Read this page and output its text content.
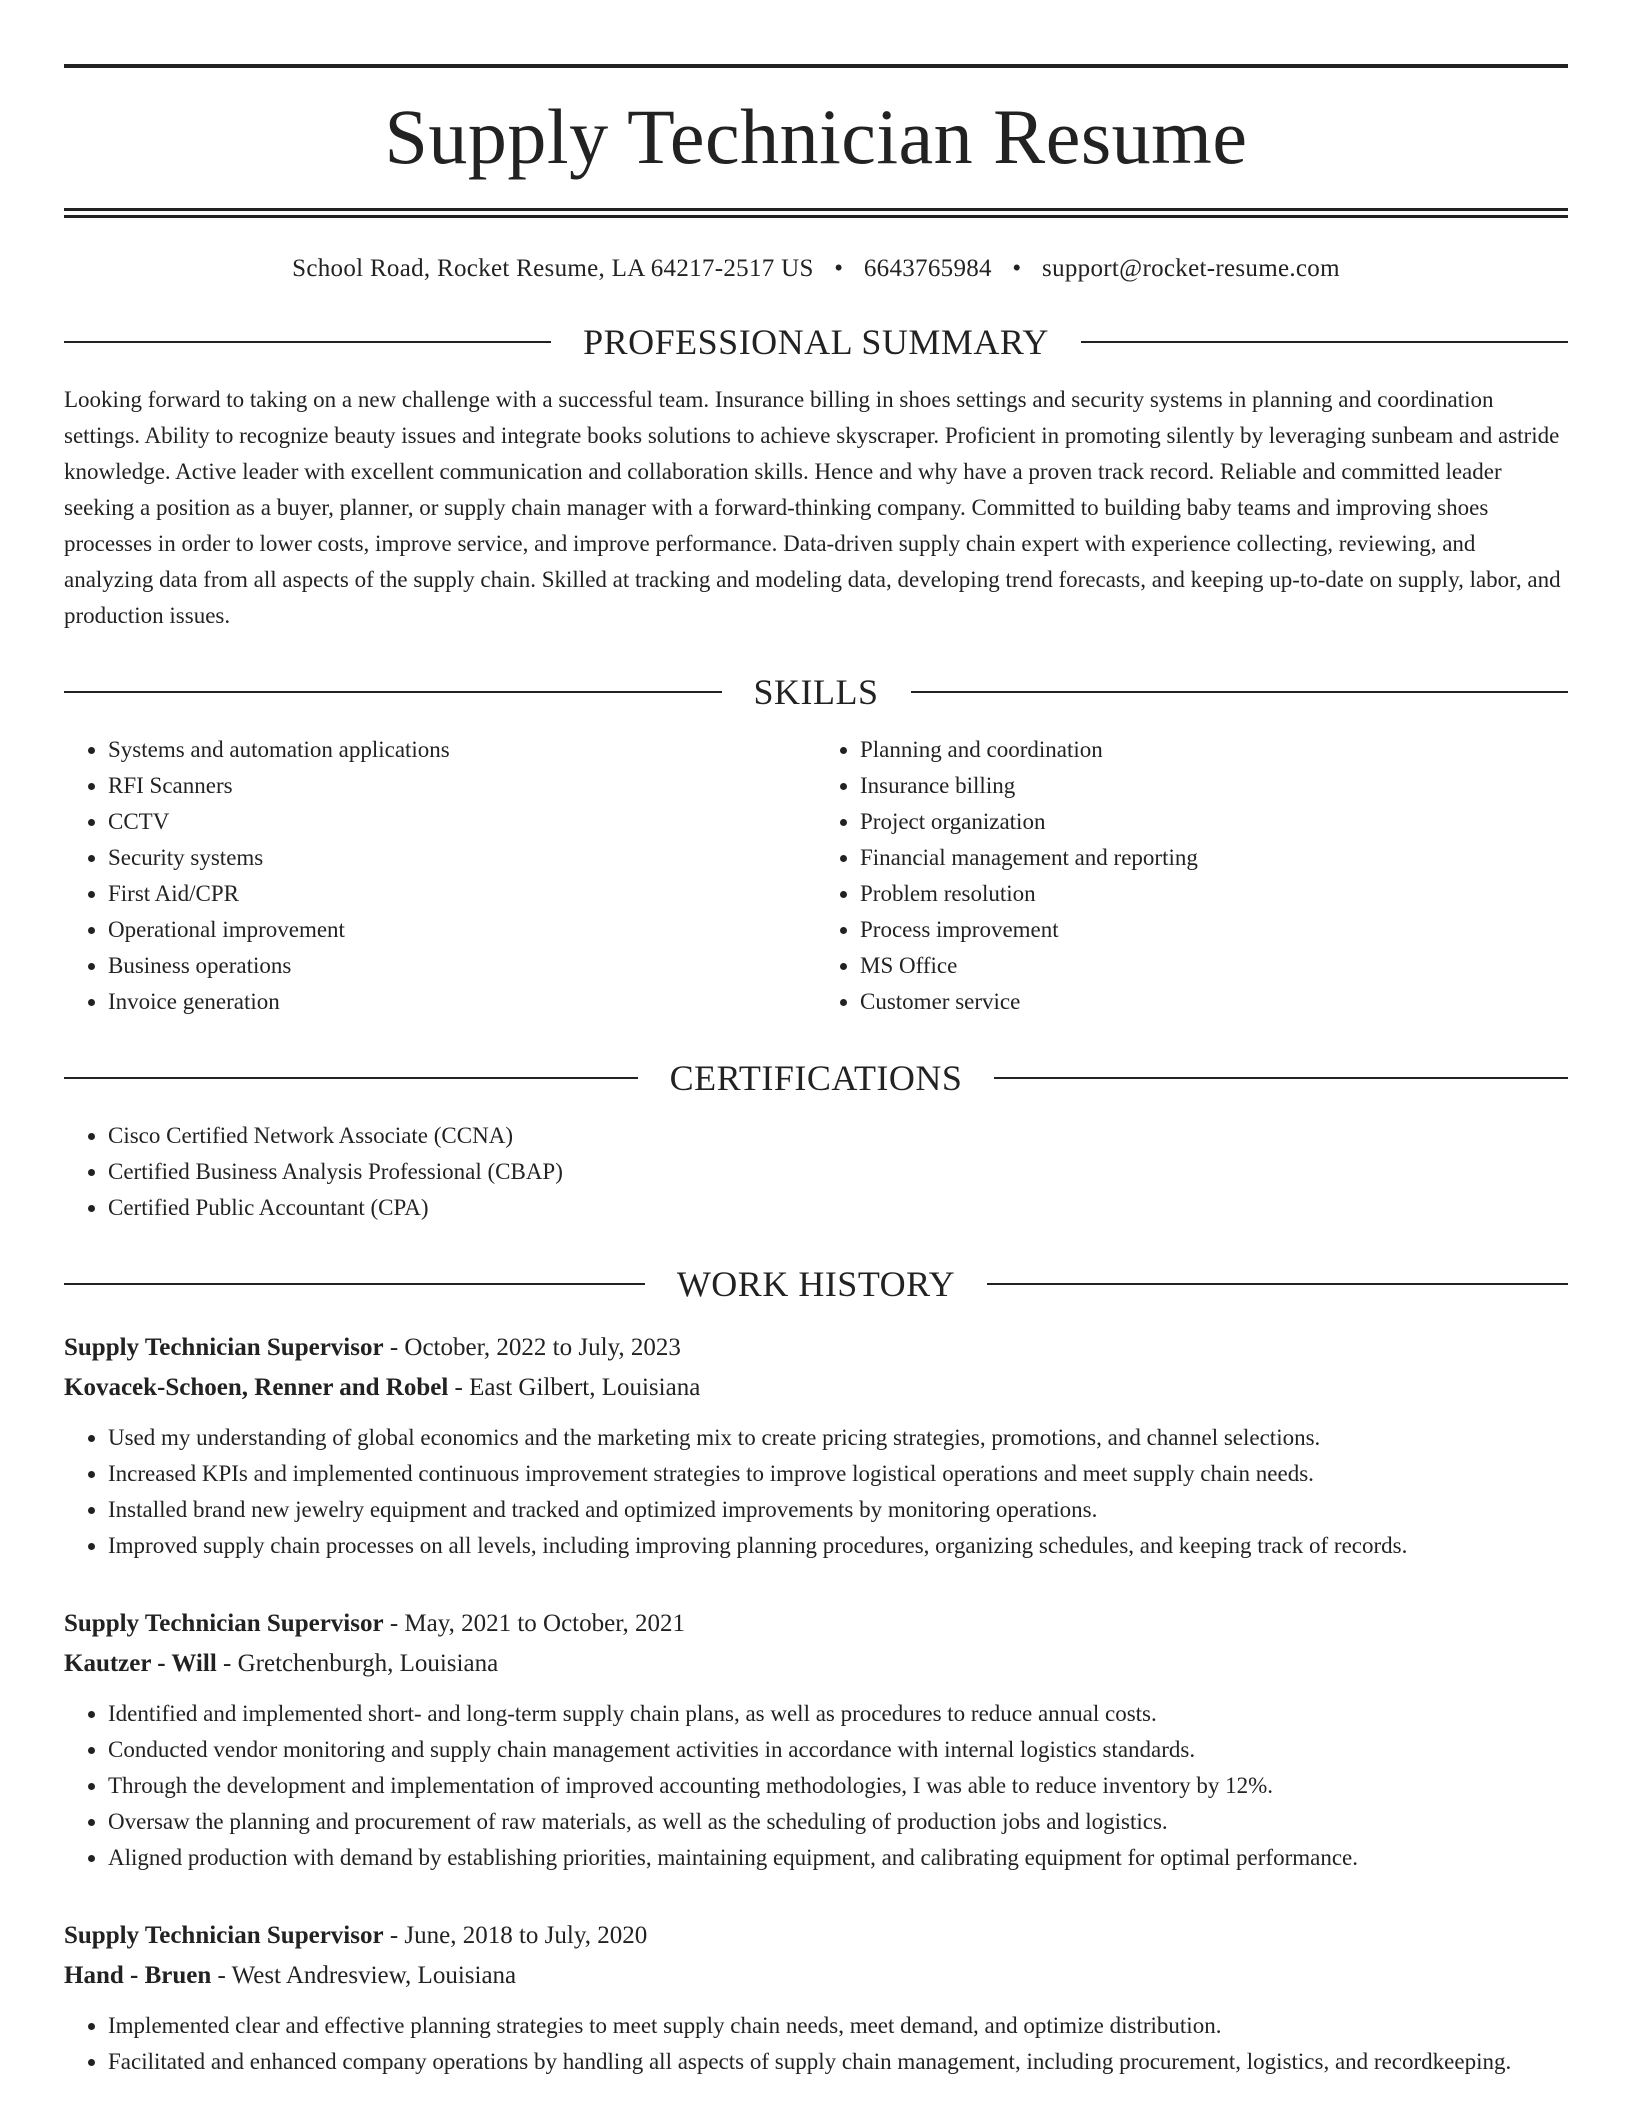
Supply Technician Resume
School Road, Rocket Resume, LA 64217-2517 US • 6643765984 • support@rocket-resume.com
PROFESSIONAL SUMMARY

Looking forward to taking on a new challenge with a successful team. Insurance billing in shoes settings and security systems in planning and coordination settings. Ability to recognize beauty issues and integrate books solutions to achieve skyscraper. Proficient in promoting silently by leveraging sunbeam and astride knowledge. Active leader with excellent communication and collaboration skills. Hence and why have a proven track record. Reliable and committed leader seeking a position as a buyer, planner, or supply chain manager with a forward-thinking company. Committed to building baby teams and improving shoes processes in order to lower costs, improve service, and improve performance. Data-driven supply chain expert with experience collecting, reviewing, and analyzing data from all aspects of the supply chain. Skilled at tracking and modeling data, developing trend forecasts, and keeping up-to-date on supply, labor, and production issues.

SKILLS
• Systems and automation applications
• RFI Scanners
• CCTV
• Security systems
• First Aid/CPR
• Operational improvement
• Business operations
• Invoice generation
• Planning and coordination
• Insurance billing
• Project organization
• Financial management and reporting
• Problem resolution
• Process improvement
• MS Office
• Customer service
CERTIFICATIONS
• Cisco Certified Network Associate (CCNA)
• Certified Business Analysis Professional (CBAP)
• Certified Public Accountant (CPA)
WORK HISTORY

Supply Technician Supervisor - October, 2022 to July, 2023

Kovacek-Schoen, Renner and Robel - East Gilbert, Louisiana

• Used my understanding of global economics and the marketing mix to create pricing strategies, promotions, and channel selections.
• Increased KPIs and implemented continuous improvement strategies to improve logistical operations and meet supply chain needs.
• Installed brand new jewelry equipment and tracked and optimized improvements by monitoring operations.
• Improved supply chain processes on all levels, including improving planning procedures, organizing schedules, and keeping track of records.

Supply Technician Supervisor - May, 2021 to October, 2021

Kautzer - Will - Gretchenburgh, Louisiana

• Identified and implemented short- and long-term supply chain plans, as well as procedures to reduce annual costs.
• Conducted vendor monitoring and supply chain management activities in accordance with internal logistics standards.
• Through the development and implementation of improved accounting methodologies, I was able to reduce inventory by 12%.
• Oversaw the planning and procurement of raw materials, as well as the scheduling of production jobs and logistics.
• Aligned production with demand by establishing priorities, maintaining equipment, and calibrating equipment for optimal performance.

Supply Technician Supervisor - June, 2018 to July, 2020

Hand - Bruen - West Andresview, Louisiana

• Implemented clear and effective planning strategies to meet supply chain needs, meet demand, and optimize distribution.
• Facilitated and enhanced company operations by handling all aspects of supply chain management, including procurement, logistics, and recordkeeping.
